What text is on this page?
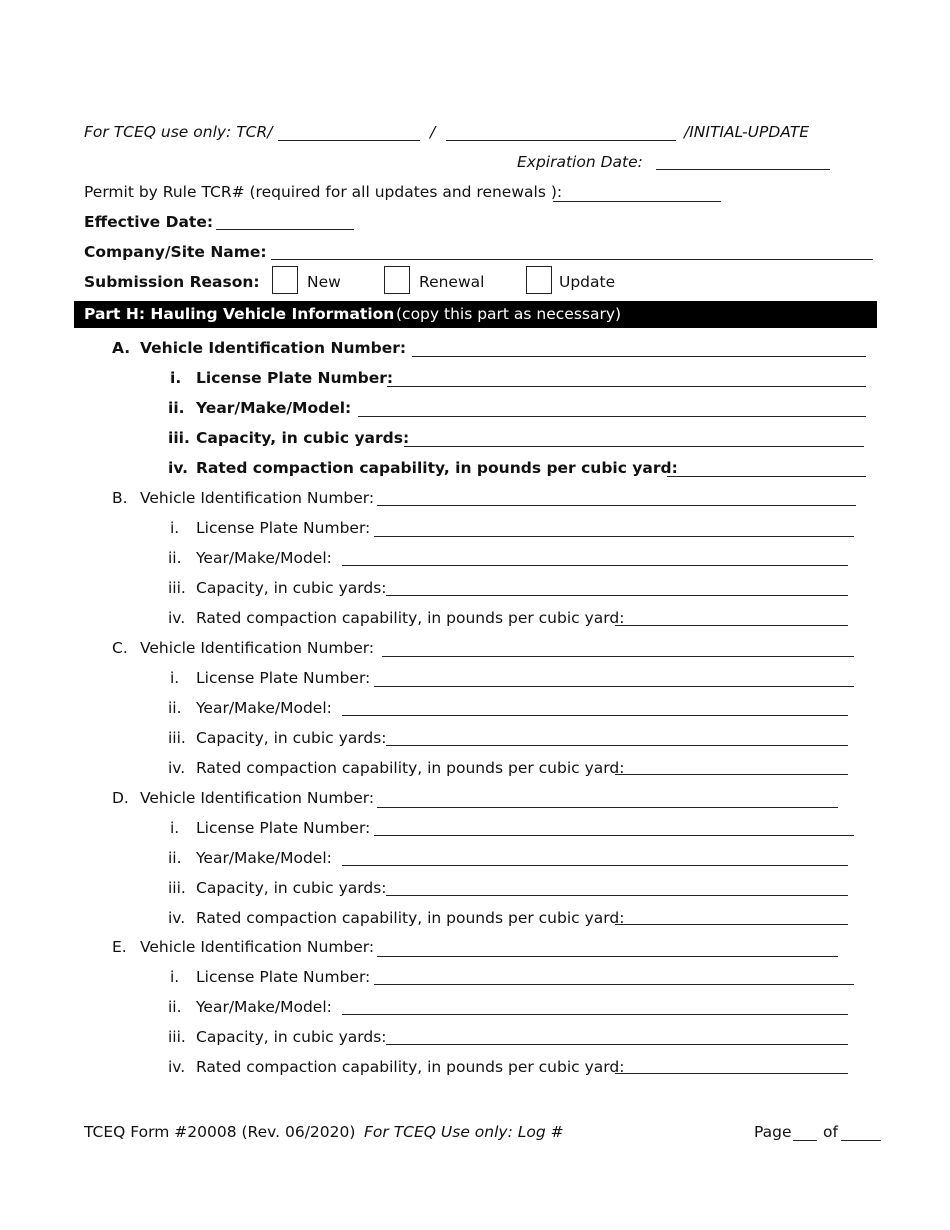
For TCEQ use only: TCR/	/	/INITIAL-UPDATE
Expiration Date:
Permit by Rule TCR# (required for all updates and renewals ):
Effective Date:
Company/Site Name:
Submission Reason:	New	Renewal	Update
Part H: Hauling Vehicle Information (copy this part as necessary)
A. Vehicle Identification Number:
i. License Plate Number:
ii. Year/Make/Model:
iii. Capacity, in cubic yards:
iv. Rated compaction capability, in pounds per cubic yard:
B. Vehicle Identification Number:
i. License Plate Number:
ii. Year/Make/Model:
iii. Capacity, in cubic yards:
iv. Rated compaction capability, in pounds per cubic yard:
C. Vehicle Identification Number:
i. License Plate Number:
ii. Year/Make/Model:
iii. Capacity, in cubic yards:
iv. Rated compaction capability, in pounds per cubic yard:
D. Vehicle Identification Number:
i. License Plate Number:
ii. Year/Make/Model:
iii. Capacity, in cubic yards:
iv. Rated compaction capability, in pounds per cubic yard:
E. Vehicle Identification Number:
i. License Plate Number:
ii. Year/Make/Model:
iii. Capacity, in cubic yards:
iv. Rated compaction capability, in pounds per cubic yard:
TCEQ Form #20008 (Rev. 06/2020) For TCEQ Use only: Log #	Page of
